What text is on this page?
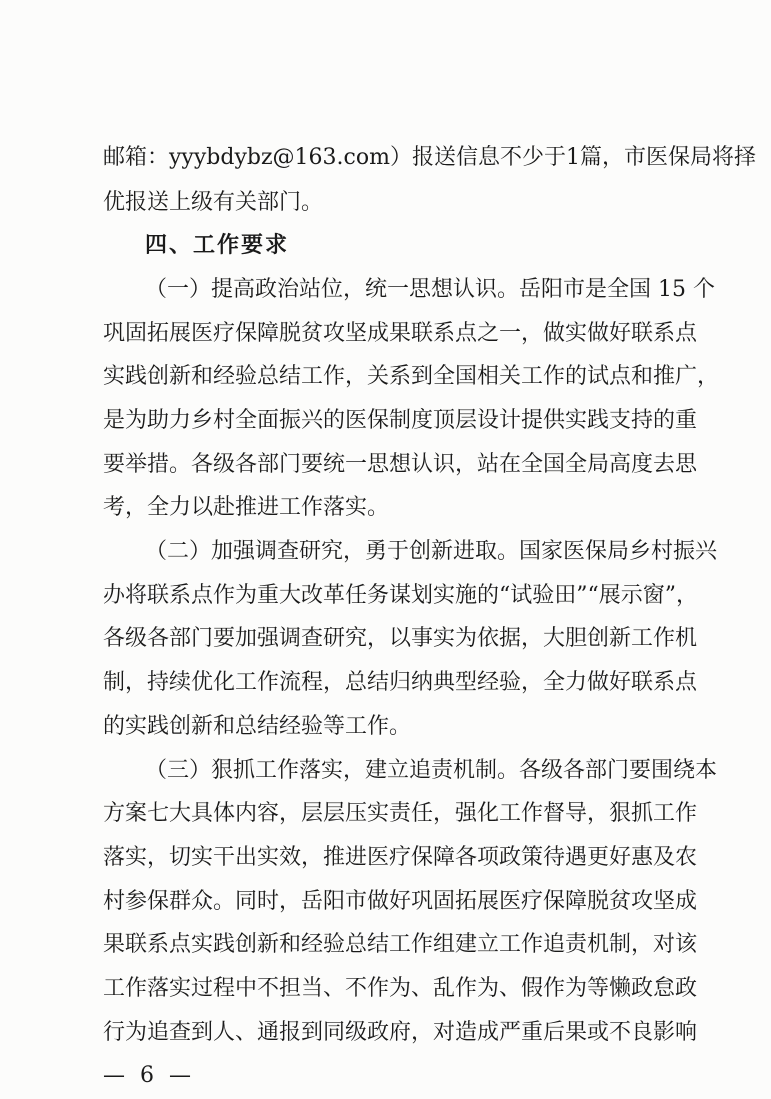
邮箱：yyybdybz@163.com）报送信息不少于1篇，市医保局将择
优报送上级有关部门。
四、工作要求
（一）提高政治站位，统一思想认识。岳阳市是全国 15 个
巩固拓展医疗保障脱贫攻坚成果联系点之一，做实做好联系点
实践创新和经验总结工作，关系到全国相关工作的试点和推广，
是为助力乡村全面振兴的医保制度顶层设计提供实践支持的重
要举措。各级各部门要统一思想认识，站在全国全局高度去思
考，全力以赴推进工作落实。
（二）加强调查研究，勇于创新进取。国家医保局乡村振兴
办将联系点作为重大改革任务谋划实施的“试验田”“展示窗”，
各级各部门要加强调查研究，以事实为依据，大胆创新工作机
制，持续优化工作流程，总结归纳典型经验，全力做好联系点
的实践创新和总结经验等工作。
（三）狠抓工作落实，建立追责机制。各级各部门要围绕本
方案七大具体内容，层层压实责任，强化工作督导，狠抓工作
落实，切实干出实效，推进医疗保障各项政策待遇更好惠及农
村参保群众。同时，岳阳市做好巩固拓展医疗保障脱贫攻坚成
果联系点实践创新和经验总结工作组建立工作追责机制，对该
工作落实过程中不担当、不作为、乱作为、假作为等懒政怠政
行为追查到人、通报到同级政府，对造成严重后果或不良影响
— 6 —
